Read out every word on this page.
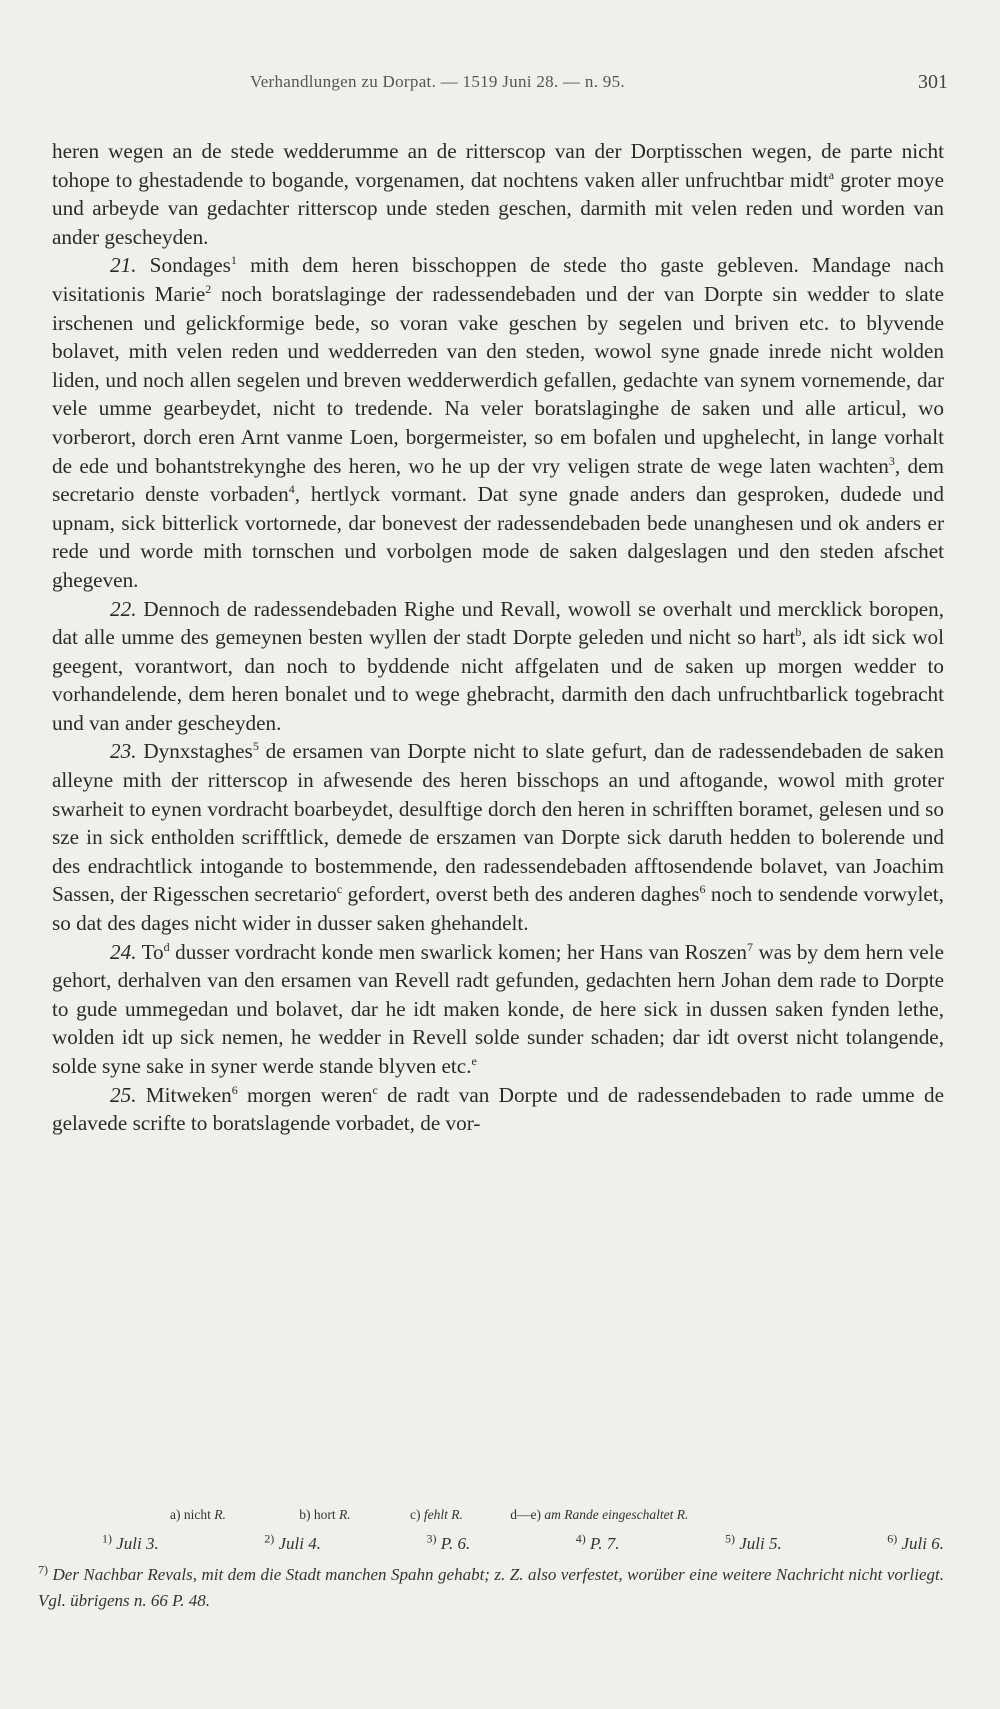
Verhandlungen zu Dorpat. — 1519 Juni 28. — n. 95.	301

heren wegen an de stede wedderumme an de ritterscop van der Dorptisschen wegen, de parte nicht tohope to ghestadende to bogande, vorgenamen, dat nochtens vaken aller unfruchtbar midt$^a$ groter moye und arbeyde van gedachter ritterscop unde steden geschen, darmith mit velen reden und worden van ander gescheyden.

21. Sondages$^1$ mith dem heren bisschoppen de stede tho gaste gebleven. Mandage nach visitationis Marie$^2$ noch boratslaginge der radessendebaden und der van Dorpte sin wedder to slate irschenen und gelickformige bede, so voran vake geschen by segelen und briven etc. to blyvende bolavet, mith velen reden und wedderreden van den steden, wowol syne gnade inrede nicht wolden liden, und noch allen segelen und breven wedderwerdich gefallen, gedachte van synem vornemende, dar vele umme gearbeydet, nicht to tredende. Na veler boratslaginghe de saken und alle articul, wo vorberort, dorch eren Arnt vanme Loen, borgermeister, so em bofalen und upghelecht, in lange vorhalt de ede und bohantstrekynghe des heren, wo he up der vry veligen strate de wege laten wachten$^3$, dem secretario denste vorbaden$^4$, hertlyck vormant. Dat syne gnade anders dan gesproken, dudede und upnam, sick bitterlick vortornede, dar bonevest der radessendebaden bede unanghesen und ok anders er rede und worde mith tornschen und vorbolgen mode de saken dalgeslagen und den steden afschet ghegeven.

22. Dennoch de radessendebaden Righe und Revall, wowoll se overhalt und mercklick boropen, dat alle umme des gemeynen besten wyllen der stadt Dorpte geleden und nicht so hart$^b$, als idt sick wol geegent, vorantwort, dan noch to byddende nicht affgelaten und de saken up morgen wedder to vorhandelende, dem heren bonalet und to wege ghebracht, darmith den dach unfruchtbarlick togebracht und van ander gescheyden.

23. Dynxstaghes$^5$ de ersamen van Dorpte nicht to slate gefurt, dan de radessendebaden de saken alleyne mith der ritterscop in afwesende des heren bisschops an und aftogande, wowol mith groter swarheit to eynen vordracht boarbeydet, desulftige dorch den heren in schrifften boramet, gelesen und so sze in sick entholden scrifftlick, demede de erszamen van Dorpte sick daruth hedden to bolerende und des endrachtlick intogande to bostemmende, den radessendebaden afftosendende bolavet, van Joachim Sassen, der Rigesschen secretario$^c$ gefordert, overst beth des anderen daghes$^6$ noch to sendende vorwylet, so dat des dages nicht wider in dusser saken ghehandelt.

24. To$^d$ dusser vordracht konde men swarlick komen; her Hans van Roszen$^7$ was by dem hern vele gehort, derhalven van den ersamen van Revell radt gefunden, gedachten hern Johan dem rade to Dorpte to gude ummegedan und bolavet, dar he idt maken konde, de here sick in dussen saken fynden lethe, wolden idt up sick nemen, he wedder in Revell solde sunder schaden; dar idt overst nicht tolangende, solde syne sake in syner werde stande blyven etc.$^e$

25. Mitweken$^6$ morgen weren$^c$ de radt van Dorpte und de radessendebaden to rade umme de gelavede scrifte to boratslagende vorbadet, de vor-

a) nicht R.	b) hort R.	c) fehlt R.	d—e) am Rande eingeschaltet R.
$^{1)}$ Juli 3.	$^{2)}$ Juli 4.	$^{3)}$ P. 6.	$^{4)}$ P. 7.	$^{5)}$ Juli 5.	$^{6)}$ Juli 6.
$^{7)}$ Der Nachbar Revals, mit dem die Stadt manchen Spahn gehabt; z. Z. also verfestet, worüber eine weitere Nachricht nicht vorliegt. Vgl. übrigens n. 66 P. 48.
